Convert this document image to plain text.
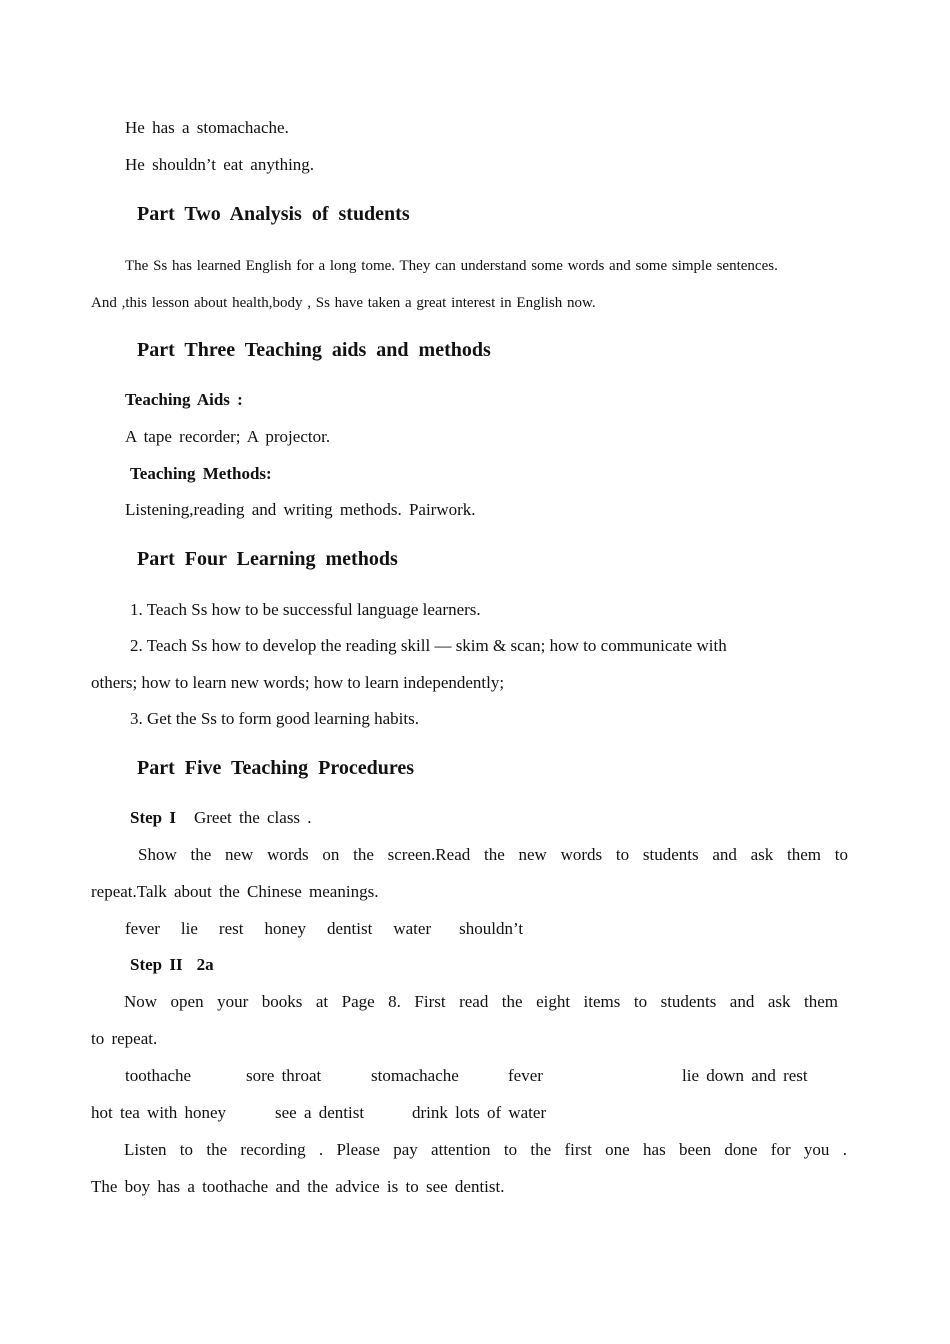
He has a stomachache.
He shouldn’t eat anything.
Part Two Analysis of students
The Ss has learned English for a long tome. They can understand some words and some simple sentences.
And ,this lesson about health,body , Ss have taken a great interest in English now.
Part Three Teaching aids and methods
Teaching Aids :
A tape recorder; A projector.
Teaching Methods:
Listening,reading and writing methods. Pairwork.
Part Four Learning methods
1. Teach Ss how to be successful language learners.
2. Teach Ss how to develop the reading skill — skim & scan; how to communicate with
others; how to learn new words; how to learn independently;
3. Get the Ss to form good learning habits.
Part Five Teaching Procedures
Step I Greet the class .
Show the new words on the screen.Read the new words to students and ask them to
repeat.Talk about the Chinese meanings.
fever lie rest honey dentist water shouldn’t
Step II 2a
Now open your books at Page 8. First read the eight items to students and ask them
to repeat.
toothache	sore throat	stomachache	fever	lie down and rest
hot tea with honey	see a dentist	drink lots of water
Listen to the recording . Please pay attention to the first one has been done for you .
The boy has a toothache and the advice is to see dentist.
